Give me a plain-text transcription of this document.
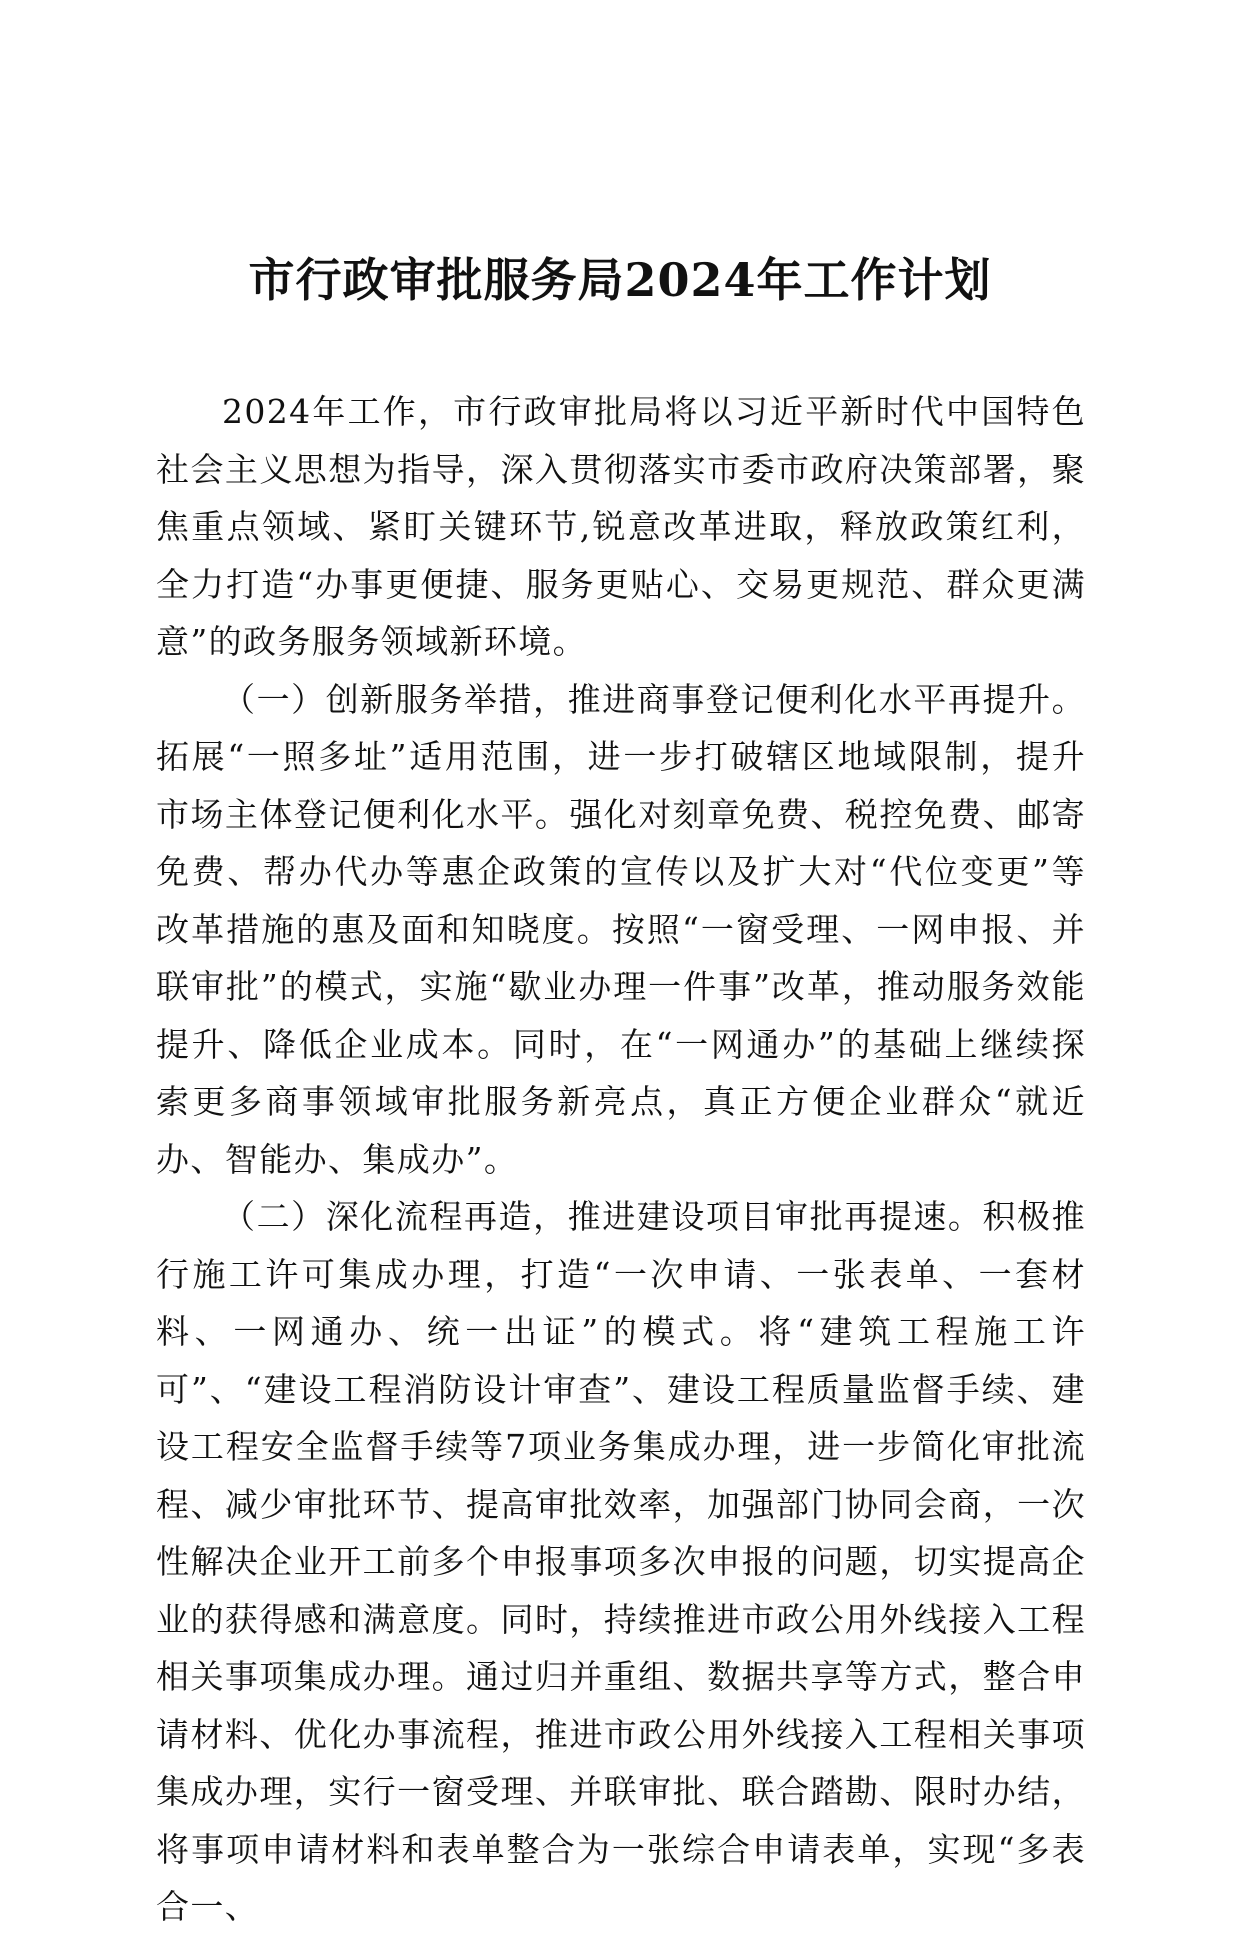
市行政审批服务局2024年工作计划

2024年工作，市行政审批局将以习近平新时代中国特色社会主义思想为指导，深入贯彻落实市委市政府决策部署，聚焦重点领域、紧盯关键环节,锐意改革进取，释放政策红利，全力打造“办事更便捷、服务更贴心、交易更规范、群众更满意”的政务服务领域新环境。

（一）创新服务举措，推进商事登记便利化水平再提升。拓展“一照多址”适用范围，进一步打破辖区地域限制，提升市场主体登记便利化水平。强化对刻章免费、税控免费、邮寄免费、帮办代办等惠企政策的宣传以及扩大对“代位变更”等改革措施的惠及面和知晓度。按照“一窗受理、一网申报、并联审批”的模式，实施“歇业办理一件事”改革，推动服务效能提升、降低企业成本。同时，在“一网通办”的基础上继续探索更多商事领域审批服务新亮点，真正方便企业群众“就近办、智能办、集成办”。

（二）深化流程再造，推进建设项目审批再提速。积极推行施工许可集成办理，打造“一次申请、一张表单、一套材料、一网通办、统一出证”的模式。将“建筑工程施工许可”、“建设工程消防设计审查”、建设工程质量监督手续、建设工程安全监督手续等7项业务集成办理，进一步简化审批流程、减少审批环节、提高审批效率，加强部门协同会商，一次性解决企业开工前多个申报事项多次申报的问题，切实提高企业的获得感和满意度。同时，持续推进市政公用外线接入工程相关事项集成办理。通过归并重组、数据共享等方式，整合申请材料、优化办事流程，推进市政公用外线接入工程相关事项集成办理，实行一窗受理、并联审批、联合踏勘、限时办结，将事项申请材料和表单整合为一张综合申请表单，实现“多表合一、
